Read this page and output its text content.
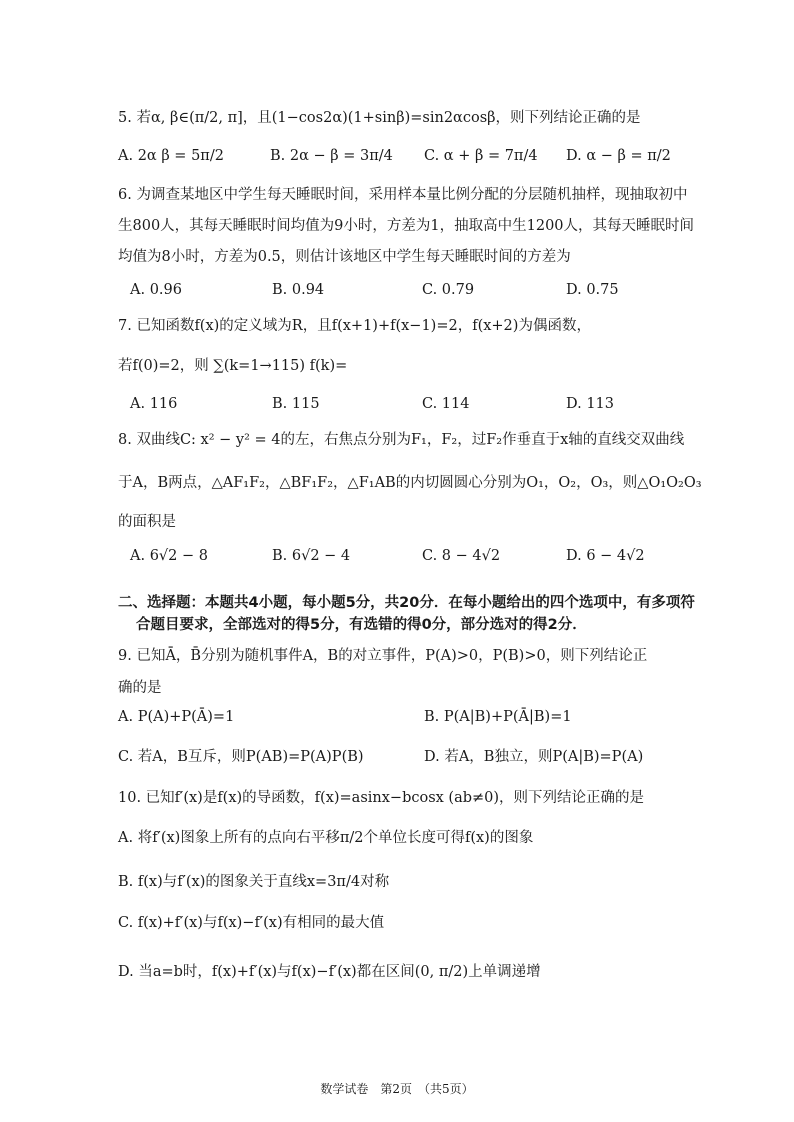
5. 若α, β∈(π/2, π]，且(1−cos2α)(1+sinβ)=sin2αcosβ，则下列结论正确的是
A. 2α β = 5π/2	B. 2α − β = 3π/4 C. α + β = 7π/4 D. α − β = π/2
6. 为调查某地区中学生每天睡眠时间，采用样本量比例分配的分层随机抽样，现抽取初中
生800人，其每天睡眠时间均值为9小时，方差为1，抽取高中生1200人，其每天睡眠时间
均值为8小时，方差为0.5，则估计该地区中学生每天睡眠时间的方差为
A. 0.96	B. 0.94	C. 0.79	D. 0.75
7. 已知函数f(x)的定义域为R，且f(x+1)+f(x−1)=2，f(x+2)为偶函数，
若f(0)=2，则 ∑(k=1→115) f(k)=
A. 116	B. 115	C. 114	D. 113
8. 双曲线C: x² − y² = 4的左，右焦点分别为F₁，F₂，过F₂作垂直于x轴的直线交双曲线
于A，B两点，△AF₁F₂，△BF₁F₂，△F₁AB的内切圆圆心分别为O₁，O₂，O₃，则△O₁O₂O₃
的面积是
A. 6√2 − 8	B. 6√2 − 4	C. 8 − 4√2	D. 6 − 4√2
二、选择题：本题共4小题，每小题5分，共20分．在每小题给出的四个选项中，有多项符
合题目要求，全部选对的得5分，有选错的得0分，部分选对的得2分．
9. 已知Ā，B̄分别为随机事件A，B的对立事件，P(A)>0，P(B)>0，则下列结论正
确的是
A. P(A)+P(Ā)=1	B. P(A|B)+P(Ā|B)=1
C. 若A，B互斥，则P(AB)=P(A)P(B)	D. 若A，B独立，则P(A|B)=P(A)
10. 已知f′(x)是f(x)的导函数，f(x)=asinx−bcosx (ab≠0)，则下列结论正确的是
A. 将f′(x)图象上所有的点向右平移π/2个单位长度可得f(x)的图象
B. f(x)与f′(x)的图象关于直线x=3π/4对称
C. f(x)+f′(x)与f(x)−f′(x)有相同的最大值
D. 当a=b时，f(x)+f′(x)与f(x)−f′(x)都在区间(0, π/2)上单调递增
数学试卷　第2页　（共5页）
